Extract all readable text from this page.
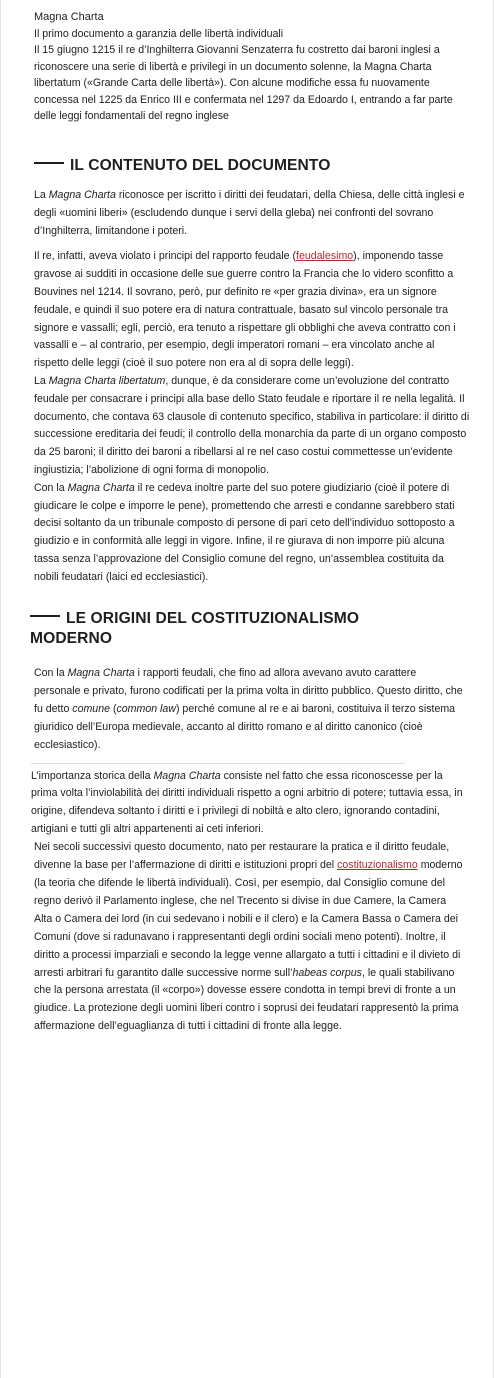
Magna Charta

Il primo documento a garanzia delle libertà individuali

Il 15 giugno 1215 il re d’Inghilterra Giovanni Senzaterra fu costretto dai baroni inglesi a riconoscere una serie di libertà e privilegi in un documento solenne, la Magna Charta libertatum («Grande Carta delle libertà»). Con alcune modifiche essa fu nuovamente concessa nel 1225 da Enrico III e confermata nel 1297 da Edoardo I, entrando a far parte delle leggi fondamentali del regno inglese

IL CONTENUTO DEL DOCUMENTO

La Magna Charta riconosce per iscritto i diritti dei feudatari, della Chiesa, delle città inglesi e degli «uomini liberi» (escludendo dunque i servi della gleba) nei confronti del sovrano d’Inghilterra, limitandone i poteri.

Il re, infatti, aveva violato i principi del rapporto feudale (feudalesimo), imponendo tasse gravose ai sudditi in occasione delle sue guerre contro la Francia che lo videro sconfitto a Bouvines nel 1214. Il sovrano, però, pur definito re «per grazia divina», era un signore feudale, e quindi il suo potere era di natura contrattuale, basato sul vincolo personale tra signore e vassalli; egli, perciò, era tenuto a rispettare gli obblighi che aveva contratto con i vassalli e – al contrario, per esempio, degli imperatori romani – era vincolato anche al rispetto delle leggi (cioè il suo potere non era al di sopra delle leggi).

La Magna Charta libertatum, dunque, è da considerare come un’evoluzione del contratto feudale per consacrare i principi alla base dello Stato feudale e riportare il re nella legalità. Il documento, che contava 63 clausole di contenuto specifico, stabiliva in particolare: il diritto di successione ereditaria dei feudi; il controllo della monarchia da parte di un organo composto da 25 baroni; il diritto dei baroni a ribellarsi al re nel caso costui commettesse un’evidente ingiustizia; l’abolizione di ogni forma di monopolio.

Con la Magna Charta il re cedeva inoltre parte del suo potere giudiziario (cioè il potere di giudicare le colpe e imporre le pene), promettendo che arresti e condanne sarebbero stati decisi soltanto da un tribunale composto di persone di pari ceto dell’individuo sottoposto a giudizio e in conformità alle leggi in vigore. Infine, il re giurava di non imporre più alcuna tassa senza l’approvazione del Consiglio comune del regno, un’assemblea costituita da nobili feudatari (laici ed ecclesiastici).

LE ORIGINI DEL COSTITUZIONALISMO
MODERNO

Con la Magna Charta i rapporti feudali, che fino ad allora avevano avuto carattere personale e privato, furono codificati per la prima volta in diritto pubblico. Questo diritto, che fu detto comune (common law) perché comune al re e ai baroni, costituiva il terzo sistema giuridico dell’Europa medievale, accanto al diritto romano e al diritto canonico (cioè ecclesiastico).

L’importanza storica della Magna Charta consiste nel fatto che essa riconoscesse per la prima volta l’inviolabilità dei diritti individuali rispetto a ogni arbitrio di potere; tuttavia essa, in origine, difendeva soltanto i diritti e i privilegi di nobiltà e alto clero, ignorando contadini, artigiani e tutti gli altri appartenenti ai ceti inferiori.

Nei secoli successivi questo documento, nato per restaurare la pratica e il diritto feudale, divenne la base per l’affermazione di diritti e istituzioni propri del costituzionalismo moderno (la teoria che difende le libertà individuali). Così, per esempio, dal Consiglio comune del regno derivò il Parlamento inglese, che nel Trecento si divise in due Camere, la Camera Alta o Camera dei lord (in cui sedevano i nobili e il clero) e la Camera Bassa o Camera dei Comuni (dove si radunavano i rappresentanti degli ordini sociali meno potenti). Inoltre, il diritto a processi imparziali e secondo la legge venne allargato a tutti i cittadini e il divieto di arresti arbitrari fu garantito dalle successive norme sull’habeas corpus, le quali stabilivano che la persona arrestata (il «corpo») dovesse essere condotta in tempi brevi di fronte a un giudice. La protezione degli uomini liberi contro i soprusi dei feudatari rappresentò la prima affermazione dell’eguaglianza di tutti i cittadini di fronte alla legge.
